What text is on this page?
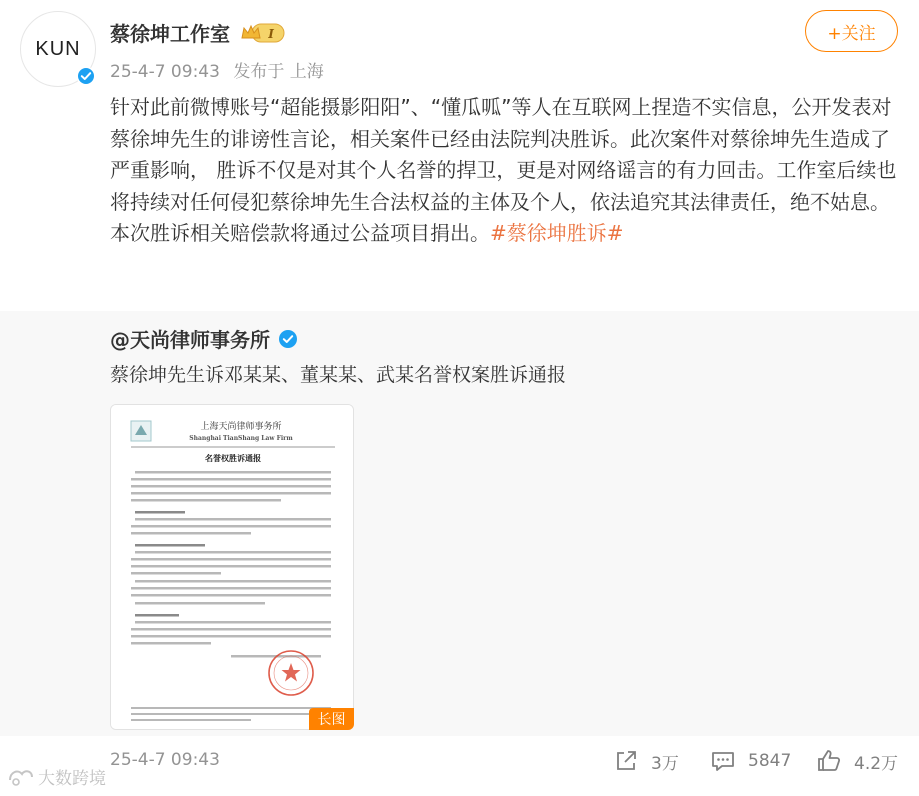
KUN
蔡徐坤工作室	I
25-4-7 09:43 发布于 上海
+关注
针对此前微博账号“超能摄影阳阳”、“懂瓜呱”等人在互联网上捏造不实信息，公开发表对蔡徐坤先生的诽谤性言论，相关案件已经由法院判决胜诉。此次案件对蔡徐坤先生造成了严重影响， 胜诉不仅是对其个人名誉的捍卫，更是对网络谣言的有力回击。工作室后续也将持续对任何侵犯蔡徐坤先生合法权益的主体及个人，依法追究其法律责任，绝不姑息。本次胜诉相关赔偿款将通过公益项目捐出。#蔡徐坤胜诉#
@天尚律师事务所
蔡徐坤先生诉邓某某、董某某、武某名誉权案胜诉通报
上海天尚律师事务所
Shanghai TianShang Law Firm
名誉权胜诉通报
长图
25-4-7 09:43	3万	5847	4.2万
大数跨境
